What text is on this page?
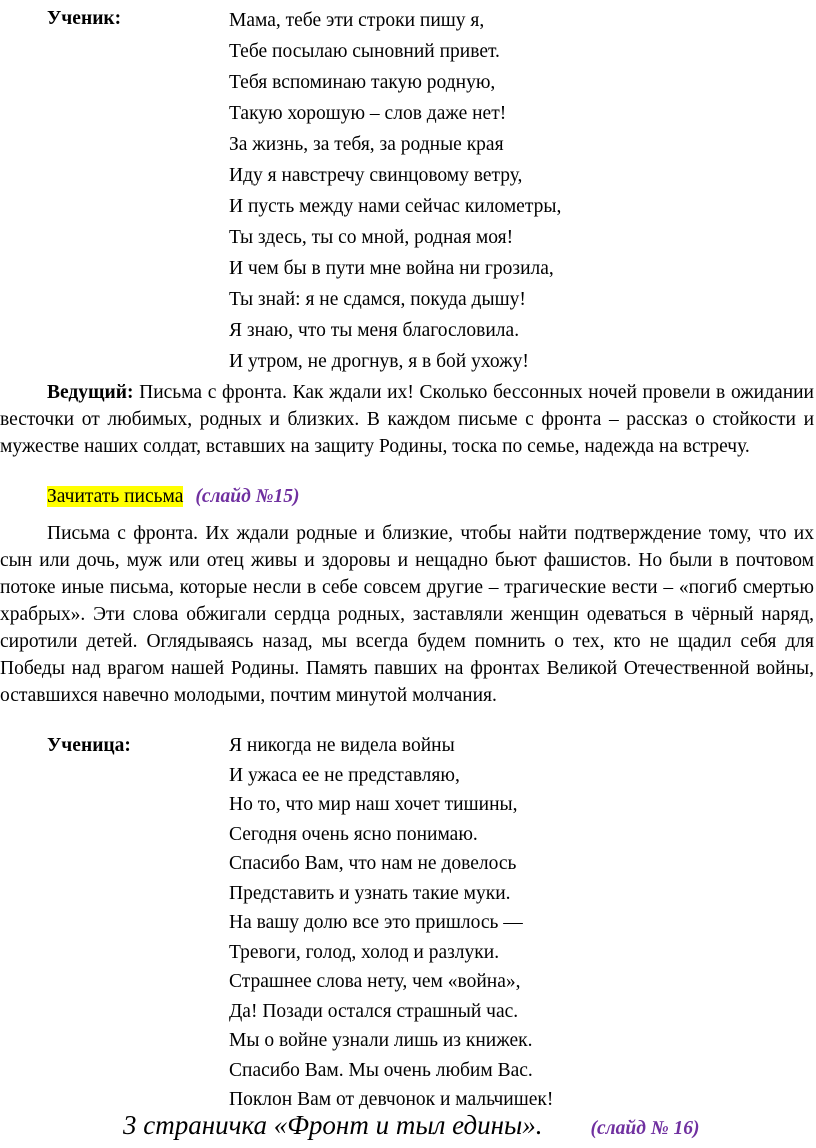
Ученик:	Мама, тебе эти строки пишу я,
Тебе посылаю сыновний привет.
Тебя вспоминаю такую родную,
Такую хорошую – слов даже нет!
За жизнь, за тебя, за родные края
Иду я навстречу свинцовому ветру,
И пусть между нами сейчас километры,
Ты здесь, ты со мной, родная моя!
И чем бы в пути мне война ни грозила,
Ты знай: я не сдамся, покуда дышу!
Я знаю, что ты меня благословила.
И утром, не дрогнув, я в бой ухожу!
Ведущий: Письма с фронта. Как ждали их! Сколько бессонных ночей провели в ожидании весточки от любимых, родных и близких. В каждом письме с фронта – рассказ о стойкости и мужестве наших солдат, вставших на защиту Родины, тоска по семье, надежда на встречу.
Зачитать письма (слайд №15)
Письма с фронта. Их ждали родные и близкие, чтобы найти подтверждение тому, что их сын или дочь, муж или отец живы и здоровы и нещадно бьют фашистов. Но были в почтовом потоке иные письма, которые несли в себе совсем другие – трагические вести – «погиб смертью храбрых». Эти слова обжигали сердца родных, заставляли женщин одеваться в чёрный наряд, сиротили детей. Оглядываясь назад, мы всегда будем помнить о тех, кто не щадил себя для Победы над врагом нашей Родины. Память павших на фронтах Великой Отечественной войны, оставшихся навечно молодыми, почтим минутой молчания.
Ученица:	Я никогда не видела войны
И ужаса ее не представляю,
Но то, что мир наш хочет тишины,
Сегодня очень ясно понимаю.
Спасибо Вам, что нам не довелось
Представить и узнать такие муки.
На вашу долю все это пришлось —
Тревоги, голод, холод и разлуки.
Страшнее слова нету, чем «война»,
Да! Позади остался страшный час.
Мы о войне узнали лишь из книжек.
Спасибо Вам. Мы очень любим Вас.
Поклон Вам от девчонок и мальчишек!
3 страничка «Фронт и тыл едины». (слайд № 16)
